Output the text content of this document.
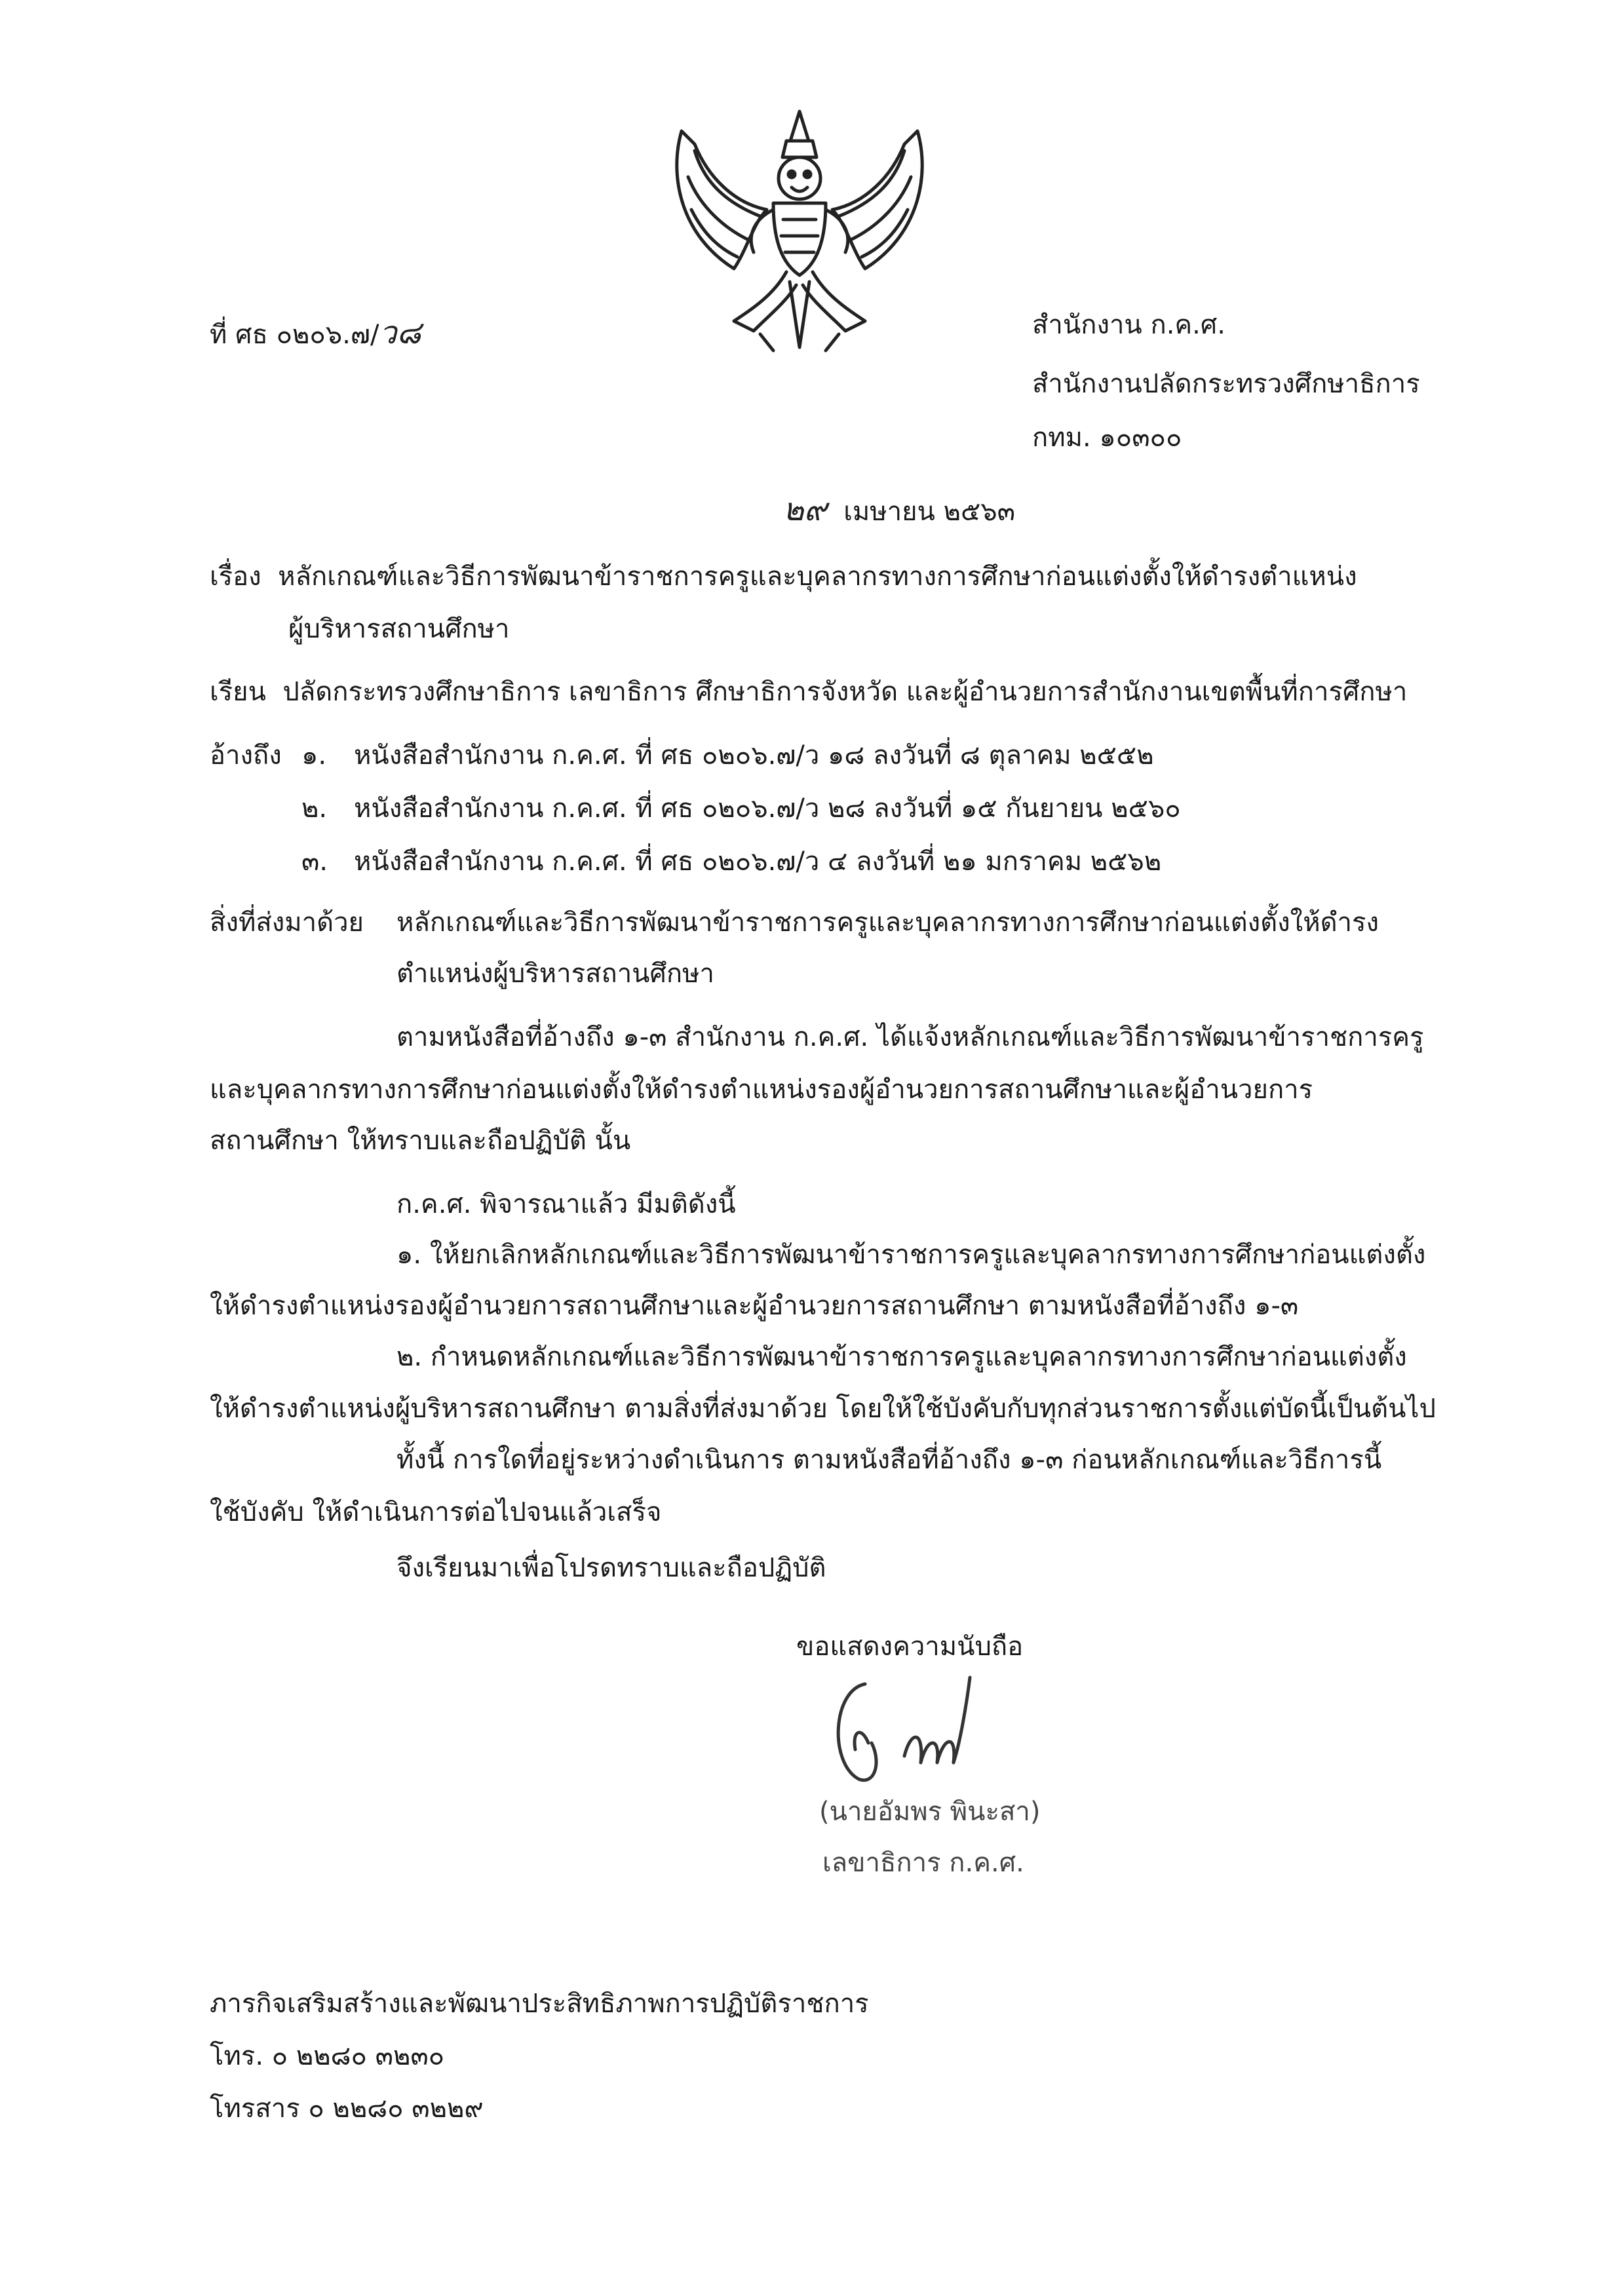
ที่ ศธ ๐๒๐๖.๗/ว๘	สำนักงาน ก.ค.ศ.
สำนักงานปลัดกระทรวงศึกษาธิการ
กทม. ๑๐๓๐๐
๒๙ เมษายน ๒๕๖๓
เรื่อง หลักเกณฑ์และวิธีการพัฒนาข้าราชการครูและบุคลากรทางการศึกษาก่อนแต่งตั้งให้ดำรงตำแหน่ง
ผู้บริหารสถานศึกษา
เรียน ปลัดกระทรวงศึกษาธิการ เลขาธิการ ศึกษาธิการจังหวัด และผู้อำนวยการสำนักงานเขตพื้นที่การศึกษา
อ้างถึง ๑. หนังสือสำนักงาน ก.ค.ศ. ที่ ศธ ๐๒๐๖.๗/ว ๑๘ ลงวันที่ ๘ ตุลาคม ๒๕๕๒
๒. หนังสือสำนักงาน ก.ค.ศ. ที่ ศธ ๐๒๐๖.๗/ว ๒๘ ลงวันที่ ๑๕ กันยายน ๒๕๖๐
๓. หนังสือสำนักงาน ก.ค.ศ. ที่ ศธ ๐๒๐๖.๗/ว ๔ ลงวันที่ ๒๑ มกราคม ๒๕๖๒
สิ่งที่ส่งมาด้วย หลักเกณฑ์และวิธีการพัฒนาข้าราชการครูและบุคลากรทางการศึกษาก่อนแต่งตั้งให้ดำรง
ตำแหน่งผู้บริหารสถานศึกษา
ตามหนังสือที่อ้างถึง ๑-๓ สำนักงาน ก.ค.ศ. ได้แจ้งหลักเกณฑ์และวิธีการพัฒนาข้าราชการครู
และบุคลากรทางการศึกษาก่อนแต่งตั้งให้ดำรงตำแหน่งรองผู้อำนวยการสถานศึกษาและผู้อำนวยการ
สถานศึกษา ให้ทราบและถือปฏิบัติ นั้น
ก.ค.ศ. พิจารณาแล้ว มีมติดังนี้
๑. ให้ยกเลิกหลักเกณฑ์และวิธีการพัฒนาข้าราชการครูและบุคลากรทางการศึกษาก่อนแต่งตั้ง
ให้ดำรงตำแหน่งรองผู้อำนวยการสถานศึกษาและผู้อำนวยการสถานศึกษา ตามหนังสือที่อ้างถึง ๑-๓
๒. กำหนดหลักเกณฑ์และวิธีการพัฒนาข้าราชการครูและบุคลากรทางการศึกษาก่อนแต่งตั้ง
ให้ดำรงตำแหน่งผู้บริหารสถานศึกษา ตามสิ่งที่ส่งมาด้วย โดยให้ใช้บังคับกับทุกส่วนราชการตั้งแต่บัดนี้เป็นต้นไป
ทั้งนี้ การใดที่อยู่ระหว่างดำเนินการ ตามหนังสือที่อ้างถึง ๑-๓ ก่อนหลักเกณฑ์และวิธีการนี้
ใช้บังคับ ให้ดำเนินการต่อไปจนแล้วเสร็จ
จึงเรียนมาเพื่อโปรดทราบและถือปฏิบัติ
ขอแสดงความนับถือ
(นายอัมพร พินะสา)
เลขาธิการ ก.ค.ศ.
ภารกิจเสริมสร้างและพัฒนาประสิทธิภาพการปฏิบัติราชการ
โทร. ๐ ๒๒๘๐ ๓๒๓๐
โทรสาร ๐ ๒๒๘๐ ๓๒๒๙
